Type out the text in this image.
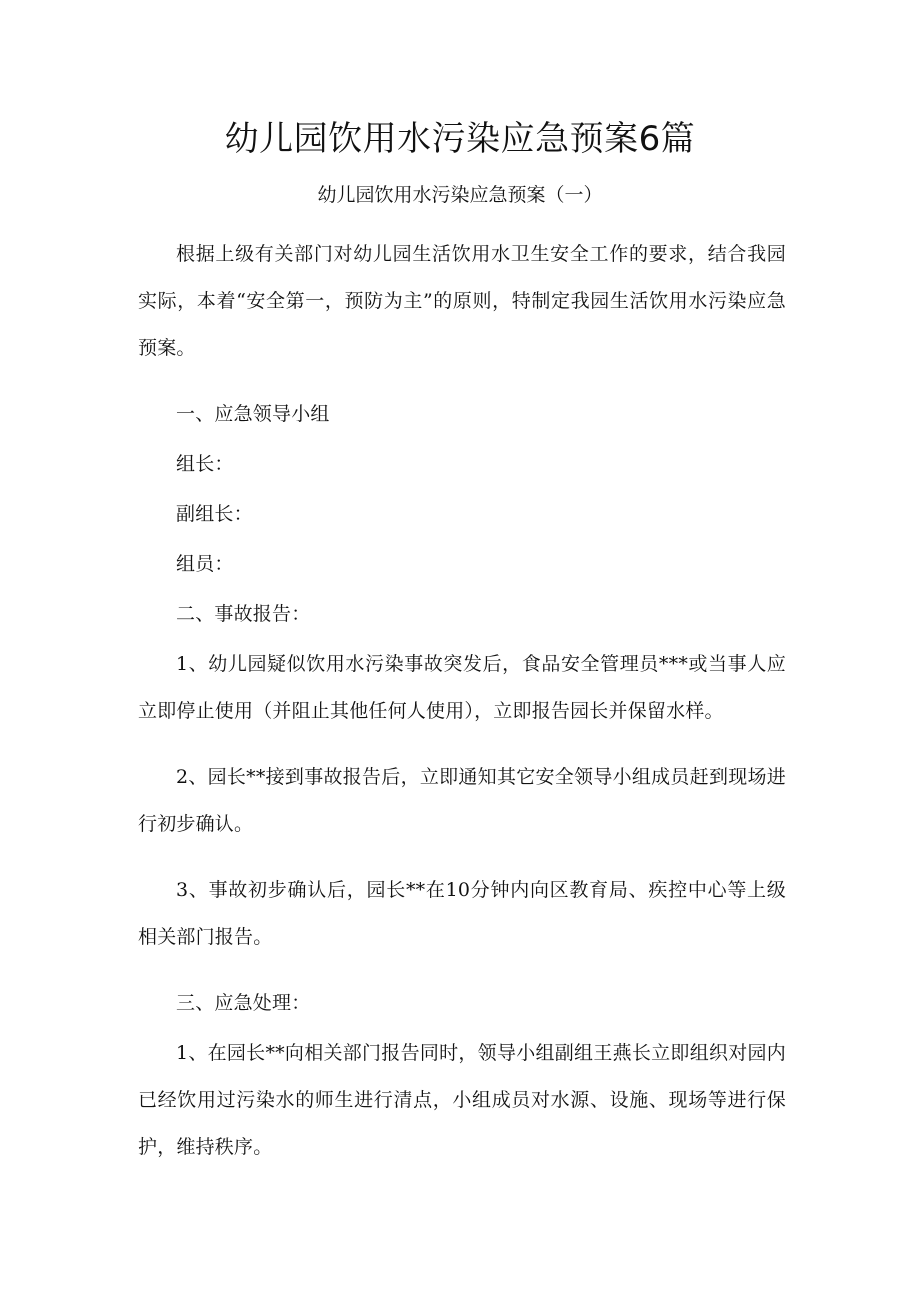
幼儿园饮用水污染应急预案6篇

幼儿园饮用水污染应急预案（一）

根据上级有关部门对幼儿园生活饮用水卫生安全工作的要求，结合我园实际，本着“安全第一，预防为主”的原则，特制定我园生活饮用水污染应急预案。

一、应急领导小组

组长：

副组长：

组员：

二、事故报告：

1、幼儿园疑似饮用水污染事故突发后，食品安全管理员***或当事人应立即停止使用（并阻止其他任何人使用），立即报告园长并保留水样。

2、园长**接到事故报告后，立即通知其它安全领导小组成员赶到现场进行初步确认。

3、事故初步确认后，园长**在10分钟内向区教育局、疾控中心等上级相关部门报告。

三、应急处理：

1、在园长**向相关部门报告同时，领导小组副组王燕长立即组织对园内已经饮用过污染水的师生进行清点，小组成员对水源、设施、现场等进行保护，维持秩序。
